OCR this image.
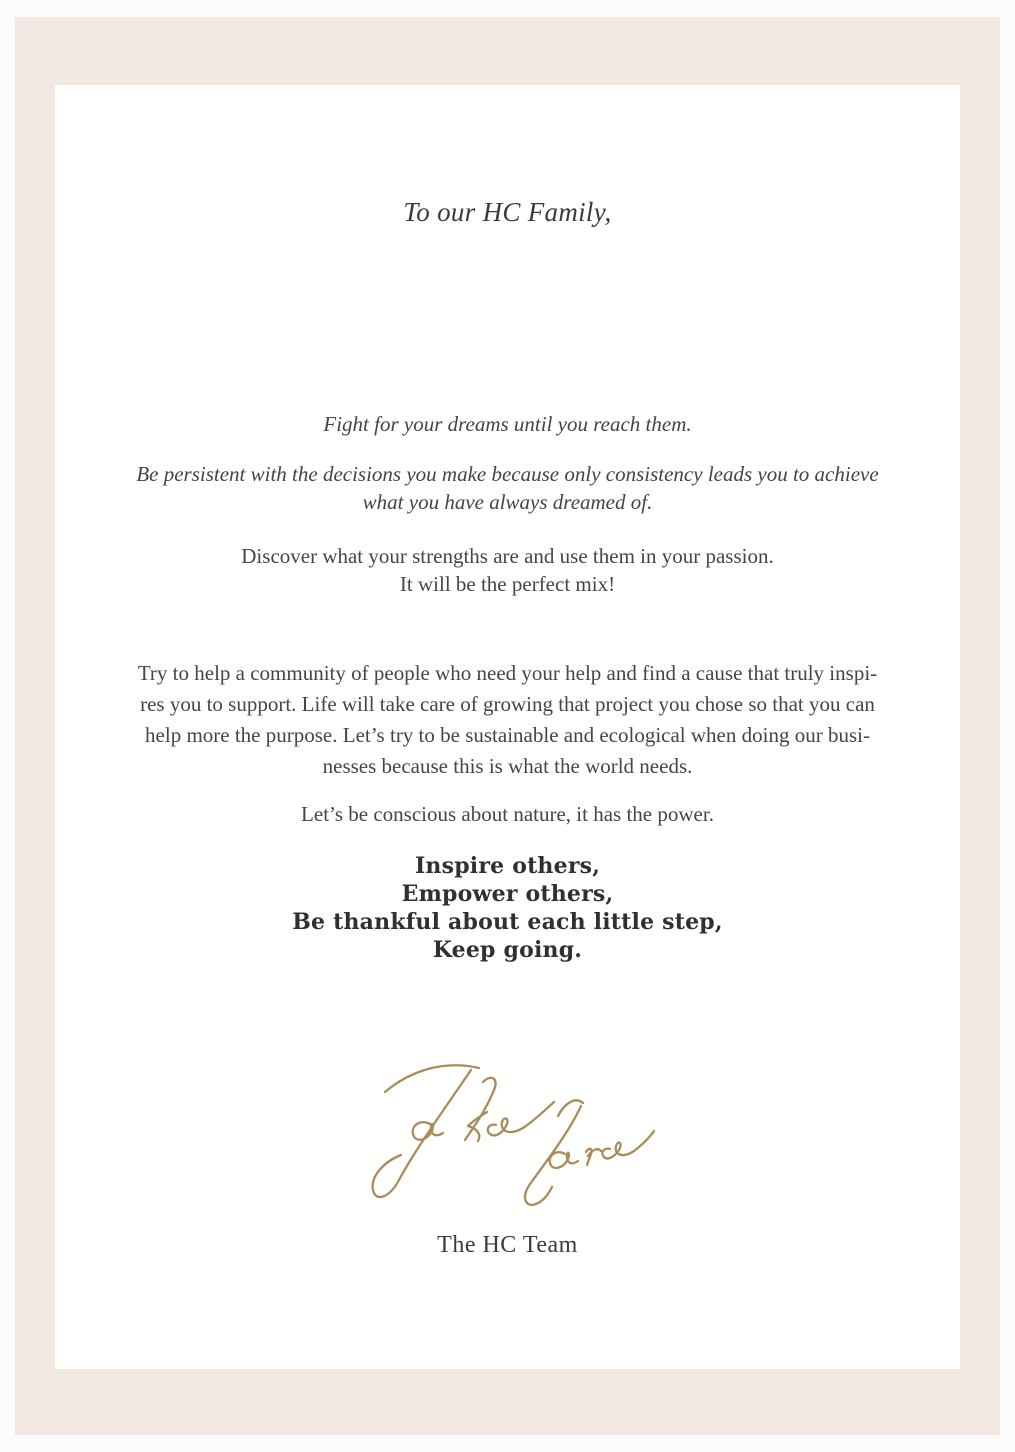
To our HC Family,
Fight for your dreams until you reach them.
Be persistent with the decisions you make because only consistency leads you to achieve
what you have always dreamed of.
Discover what your strengths are and use them in your passion.
It will be the perfect mix!
Try to help a community of people who need your help and find a cause that truly inspi-
res you to support. Life will take care of growing that project you chose so that you can
help more the purpose. Let’s try to be sustainable and ecological when doing our busi-
nesses because this is what the world needs.
Let’s be conscious about nature, it has the power.
Inspire others,
Empower others,
Be thankful about each little step,
Keep going.
The HC Team
